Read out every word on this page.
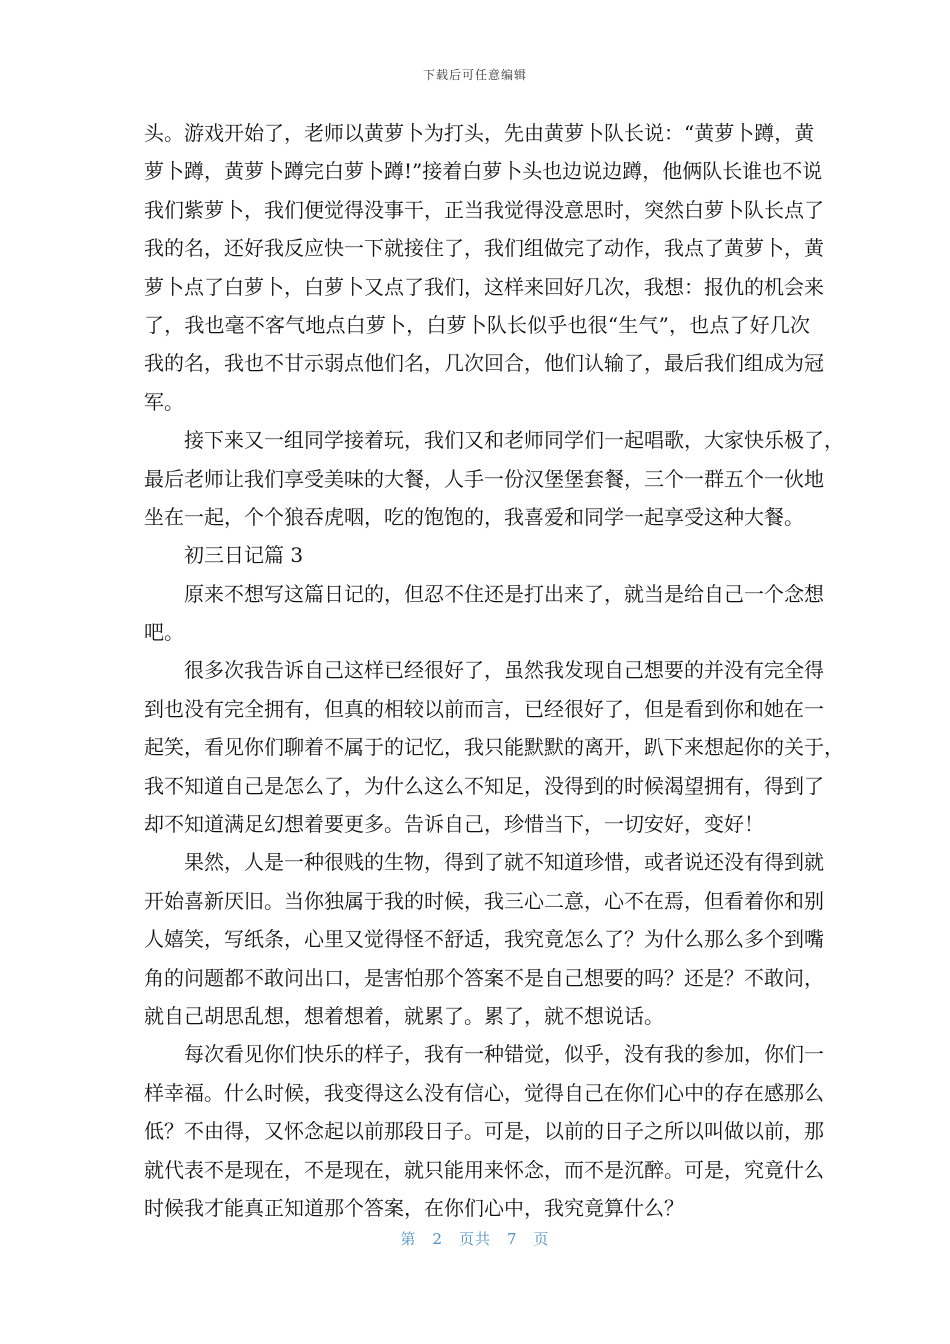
下载后可任意编辑
头。游戏开始了，老师以黄萝卜为打头，先由黄萝卜队长说：“黄萝卜蹲，黄
萝卜蹲，黄萝卜蹲完白萝卜蹲!”接着白萝卜头也边说边蹲，他俩队长谁也不说
我们紫萝卜，我们便觉得没事干，正当我觉得没意思时，突然白萝卜队长点了
我的名，还好我反应快一下就接住了，我们组做完了动作，我点了黄萝卜，黄
萝卜点了白萝卜，白萝卜又点了我们，这样来回好几次，我想：报仇的机会来
了，我也毫不客气地点白萝卜，白萝卜队长似乎也很“生气”，也点了好几次
我的名，我也不甘示弱点他们名，几次回合，他们认输了，最后我们组成为冠
军。
接下来又一组同学接着玩，我们又和老师同学们一起唱歌，大家快乐极了，
最后老师让我们享受美味的大餐，人手一份汉堡堡套餐，三个一群五个一伙地
坐在一起，个个狼吞虎咽，吃的饱饱的，我喜爱和同学一起享受这种大餐。
初三日记篇 3
原来不想写这篇日记的，但忍不住还是打出来了，就当是给自己一个念想
吧。
很多次我告诉自己这样已经很好了，虽然我发现自己想要的并没有完全得
到也没有完全拥有，但真的相较以前而言，已经很好了，但是看到你和她在一
起笑，看见你们聊着不属于的记忆，我只能默默的离开，趴下来想起你的关于，
我不知道自己是怎么了，为什么这么不知足，没得到的时候渴望拥有，得到了
却不知道满足幻想着要更多。告诉自己，珍惜当下，一切安好，变好！
果然，人是一种很贱的生物，得到了就不知道珍惜，或者说还没有得到就
开始喜新厌旧。当你独属于我的时候，我三心二意，心不在焉，但看着你和别
人嬉笑，写纸条，心里又觉得怪不舒适，我究竟怎么了？为什么那么多个到嘴
角的问题都不敢问出口，是害怕那个答案不是自己想要的吗？还是？不敢问，
就自己胡思乱想，想着想着，就累了。累了，就不想说话。
每次看见你们快乐的样子，我有一种错觉，似乎，没有我的参加，你们一
样幸福。什么时候，我变得这么没有信心，觉得自己在你们心中的存在感那么
低？不由得，又怀念起以前那段日子。可是，以前的日子之所以叫做以前，那
就代表不是现在，不是现在，就只能用来怀念，而不是沉醉。可是，究竟什么
时候我才能真正知道那个答案，在你们心中，我究竟算什么？
第 2 页共 7 页
